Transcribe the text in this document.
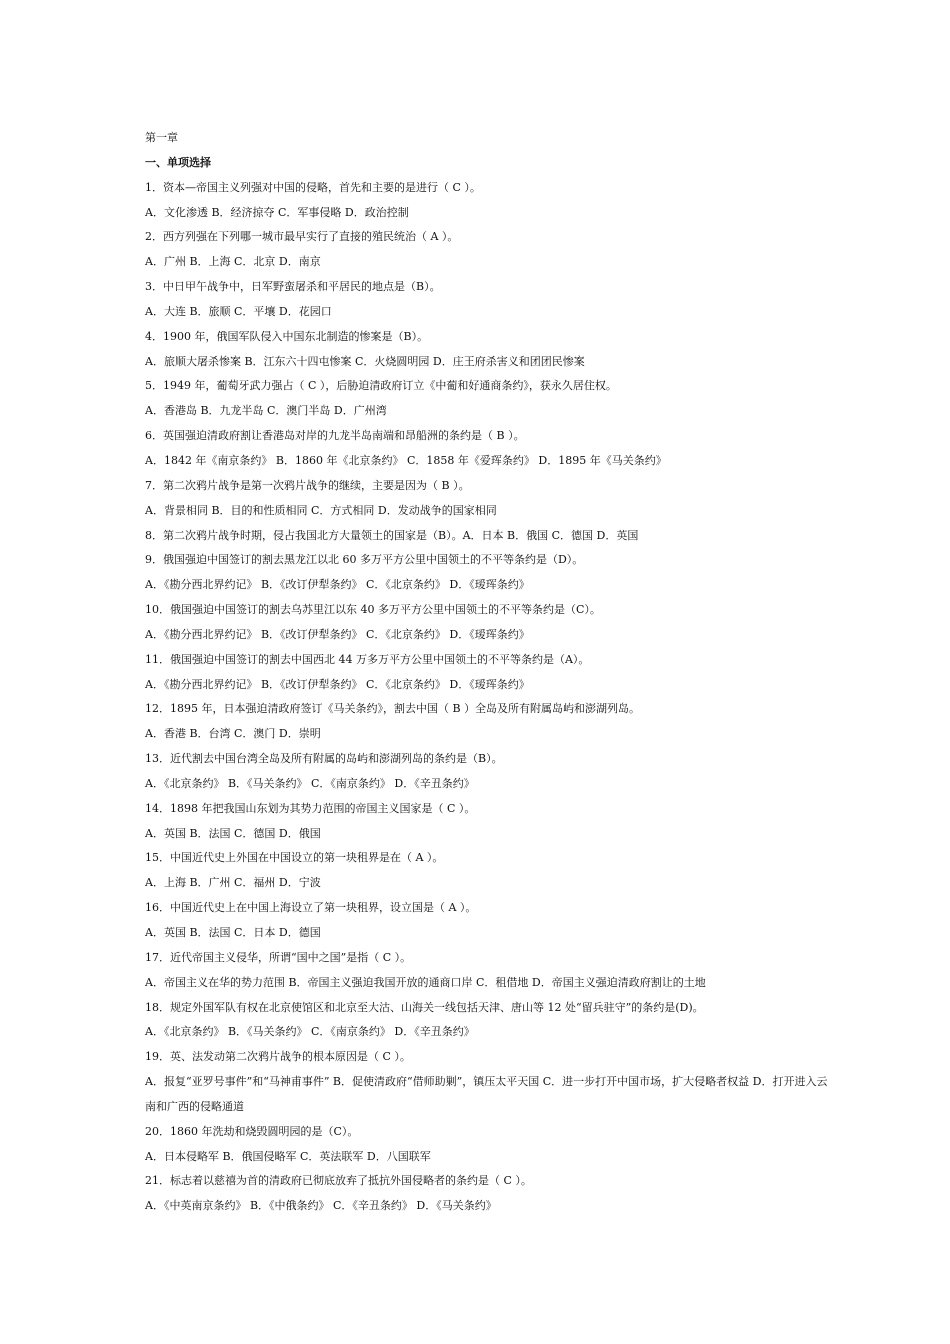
第一章
一、单项选择
1．资本—帝国主义列强对中国的侵略，首先和主要的是进行（ C ）。
A．文化渗透 B．经济掠夺 C．军事侵略 D．政治控制
2．西方列强在下列哪一城市最早实行了直接的殖民统治（ A ）。
A．广州 B．上海 C．北京 D．南京
3．中日甲午战争中，日军野蛮屠杀和平居民的地点是（B）。
A．大连 B．旅顺 C．平壤 D．花园口
4．1900 年，俄国军队侵入中国东北制造的惨案是（B）。
A．旅顺大屠杀惨案 B．江东六十四屯惨案 C．火烧圆明园 D．庄王府杀害义和团团民惨案
5．1949 年，葡萄牙武力强占（ C ），后胁迫清政府订立《中葡和好通商条约》，获永久居住权。
A．香港岛 B．九龙半岛 C．澳门半岛 D．广州湾
6．英国强迫清政府割让香港岛对岸的九龙半岛南端和昂船洲的条约是（ B ）。
A．1842 年《南京条约》 B．1860 年《北京条约》 C．1858 年《爱珲条约》 D．1895 年《马关条约》
7．第二次鸦片战争是第一次鸦片战争的继续，主要是因为（ B ）。
A．背景相同 B．目的和性质相同 C．方式相同 D．发动战争的国家相同
8．第二次鸦片战争时期，侵占我国北方大量领土的国家是（B）。A．日本 B．俄国 C．德国 D．英国
9．俄国强迫中国签订的割去黑龙江以北 60 多万平方公里中国领土的不平等条约是（D）。
A．《勘分西北界约记》 B．《改订伊犁条约》 C．《北京条约》 D．《瑷珲条约》
10．俄国强迫中国签订的割去乌苏里江以东 40 多万平方公里中国领土的不平等条约是（C）。
A．《勘分西北界约记》 B．《改订伊犁条约》 C．《北京条约》 D．《瑷珲条约》
11．俄国强迫中国签订的割去中国西北 44 万多万平方公里中国领土的不平等条约是（A）。
A．《勘分西北界约记》 B．《改订伊犁条约》 C．《北京条约》 D．《瑷珲条约》
12．1895 年，日本强迫清政府签订《马关条约》，割去中国（ B ）全岛及所有附属岛屿和澎湖列岛。
A．香港 B．台湾 C．澳门 D．崇明
13．近代割去中国台湾全岛及所有附属的岛屿和澎湖列岛的条约是（B）。
A．《北京条约》 B．《马关条约》 C．《南京条约》 D．《辛丑条约》
14．1898 年把我国山东划为其势力范围的帝国主义国家是（ C ）。
A．英国 B．法国 C．德国 D．俄国
15．中国近代史上外国在中国设立的第一块租界是在（ A ）。
A．上海 B．广州 C．福州 D．宁波
16．中国近代史上在中国上海设立了第一块租界，设立国是（ A ）。
A．英国 B．法国 C．日本 D．德国
17．近代帝国主义侵华，所谓“国中之国”是指（ C ）。
A．帝国主义在华的势力范围 B．帝国主义强迫我国开放的通商口岸 C．租借地 D．帝国主义强迫清政府割让的土地
18．规定外国军队有权在北京使馆区和北京至大沽、山海关一线包括天津、唐山等 12 处“留兵驻守”的条约是(D)。
A．《北京条约》 B．《马关条约》 C．《南京条约》 D．《辛丑条约》
19．英、法发动第二次鸦片战争的根本原因是（ C ）。
A．报复“亚罗号事件”和“马神甫事件” B．促使清政府“借师助剿”，镇压太平天国 C．进一步打开中国市场，扩大侵略者权益 D．打开进入云南和广西的侵略通道
20．1860 年洗劫和烧毁圆明园的是（C）。
A．日本侵略军 B．俄国侵略军 C．英法联军 D．八国联军
21．标志着以慈禧为首的清政府已彻底放弃了抵抗外国侵略者的条约是（ C ）。
A．《中英南京条约》 B．《中俄条约》 C．《辛丑条约》 D．《马关条约》
